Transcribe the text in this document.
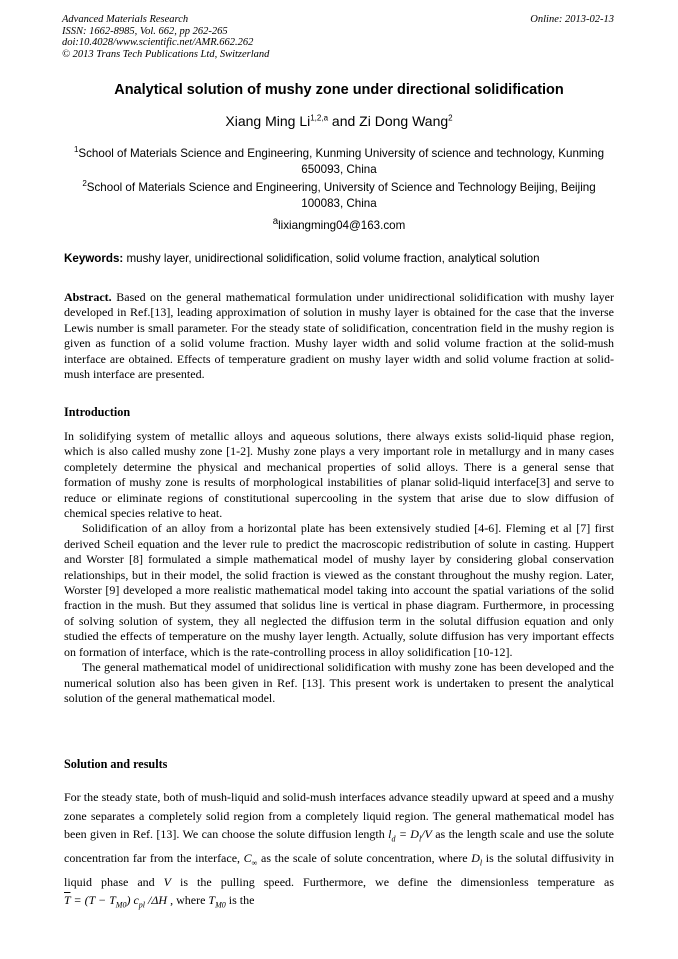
Advanced Materials Research
ISSN: 1662-8985, Vol. 662, pp 262-265
doi:10.4028/www.scientific.net/AMR.662.262
© 2013 Trans Tech Publications Ltd, Switzerland
Online: 2013-02-13
Analytical solution of mushy zone under directional solidification
Xiang Ming Li$^{1,2,a}$ and Zi Dong Wang$^2$
$^1$School of Materials Science and Engineering, Kunming University of science and technology, Kunming 650093, China
$^2$School of Materials Science and Engineering, University of Science and Technology Beijing, Beijing 100083, China
$^a$lixiangming04@163.com
Keywords: mushy layer, unidirectional solidification, solid volume fraction, analytical solution
Abstract. Based on the general mathematical formulation under unidirectional solidification with mushy layer developed in Ref.[13], leading approximation of solution in mushy layer is obtained for the case that the inverse Lewis number is small parameter. For the steady state of solidification, concentration field in the mushy region is given as function of a solid volume fraction. Mushy layer width and solid volume fraction at the solid-mush interface are obtained. Effects of temperature gradient on mushy layer width and solid volume fraction at solid-mush interface are presented.
Introduction

In solidifying system of metallic alloys and aqueous solutions, there always exists solid-liquid phase region, which is also called mushy zone [1-2]. Mushy zone plays a very important role in metallurgy and in many cases completely determine the physical and mechanical properties of solid alloys. There is a general sense that formation of mushy zone is results of morphological instabilities of planar solid-liquid interface[3] and serve to reduce or eliminate regions of constitutional supercooling in the system that arise due to slow diffusion of chemical species relative to heat.

Solidification of an alloy from a horizontal plate has been extensively studied [4-6]. Fleming et al [7] first derived Scheil equation and the lever rule to predict the macroscopic redistribution of solute in casting. Huppert and Worster [8] formulated a simple mathematical model of mushy layer by considering global conservation relationships, but in their model, the solid fraction is viewed as the constant throughout the mushy region. Later, Worster [9] developed a more realistic mathematical model taking into account the spatial variations of the solid fraction in the mush. But they assumed that solidus line is vertical in phase diagram. Furthermore, in processing of solving solution of system, they all neglected the diffusion term in the solutal diffusion equation and only studied the effects of temperature on the mushy layer length. Actually, solute diffusion has very important effects on formation of interface, which is the rate-controlling process in alloy solidification [10-12].

The general mathematical model of unidirectional solidification with mushy zone has been developed and the numerical solution also has been given in Ref. [13]. This present work is undertaken to present the analytical solution of the general mathematical model.

Solution and results
For the steady state, both of mush-liquid and solid-mush interfaces advance steadily upward at speed and a mushy zone separates a completely solid region from a completely liquid region. The general mathematical model has been given in Ref. [13]. We can choose the solute diffusion length $l_d = D_l/V$ as the length scale and use the solute concentration far from the interface, $C_\infty$ as the scale of solute concentration, where $D_l$ is the solutal diffusivity in liquid phase and V is the pulling speed. Furthermore, we define the dimensionless temperature as $\overline{T} = (T - T_{M0})$ $c_{pl}$ /ΔH , where $T_{M0}$ is the
